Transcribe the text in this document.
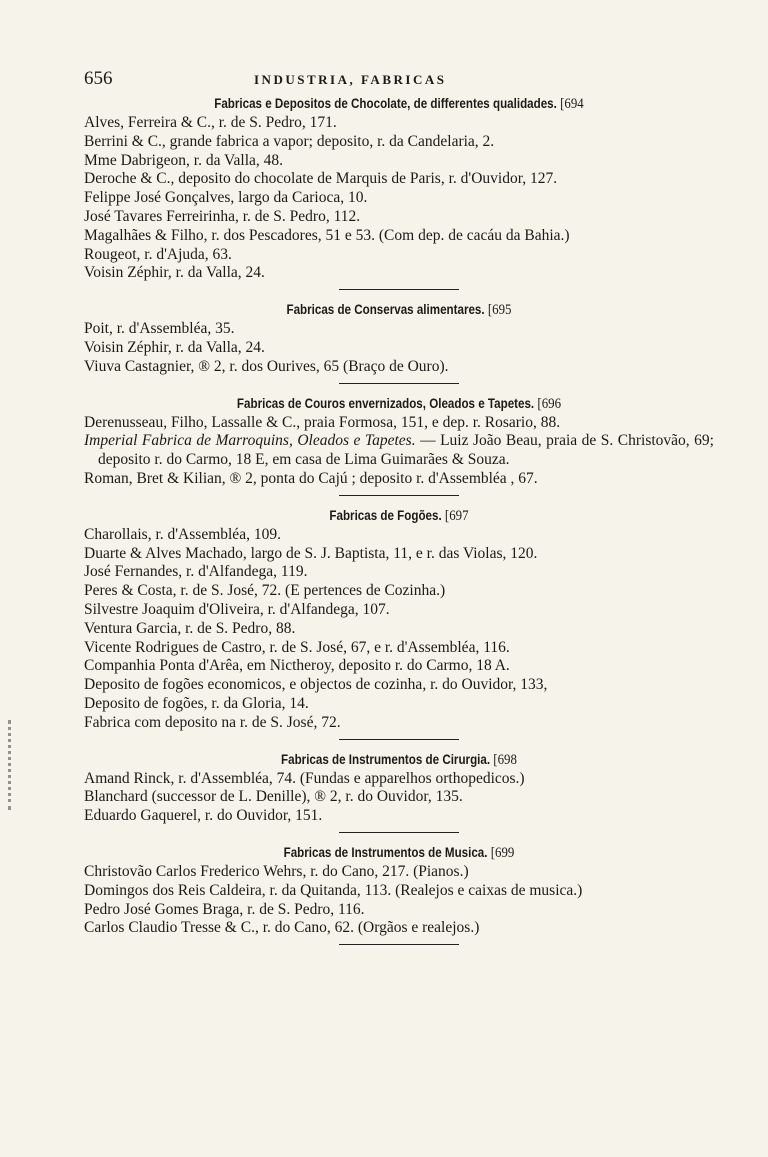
656	INDUSTRIA, FABRICAS
Fabricas e Depositos de Chocolate, de differentes qualidades. [694
Alves, Ferreira & C., r. de S. Pedro, 171.
Berrini & C., grande fabrica a vapor; deposito, r. da Candelaria, 2.
Mme Dabrigeon, r. da Valla, 48.
Deroche & C., deposito do chocolate de Marquis de Paris, r. d'Ouvidor, 127.
Felippe José Gonçalves, largo da Carioca, 10.
José Tavares Ferreirinha, r. de S. Pedro, 112.
Magalhães & Filho, r. dos Pescadores, 51 e 53. (Com dep. de cacáu da Bahia.)
Rougeot, r. d'Ajuda, 63.
Voisin Zéphir, r. da Valla, 24.
Fabricas de Conservas alimentares. [695
Poit, r. d'Assembléa, 35.
Voisin Zéphir, r. da Valla, 24.
Viuva Castagnier, ® 2, r. dos Ourives, 65 (Braço de Ouro).
Fabricas de Couros envernizados, Oleados e Tapetes. [696
Derenusseau, Filho, Lassalle & C., praia Formosa, 151, e dep. r. Rosario, 88.
Imperial Fabrica de Marroquins, Oleados e Tapetes. — Luiz João Beau, praia de S. Christovão, 69; deposito r. do Carmo, 18 E, em casa de Lima Guimarães & Souza.
Roman, Bret & Kilian, ® 2, ponta do Cajú ; deposito r. d'Assembléa , 67.
Fabricas de Fogões. [697
Charollais, r. d'Assembléa, 109.
Duarte & Alves Machado, largo de S. J. Baptista, 11, e r. das Violas, 120.
José Fernandes, r. d'Alfandega, 119.
Peres & Costa, r. de S. José, 72. (E pertences de Cozinha.)
Silvestre Joaquim d'Oliveira, r. d'Alfandega, 107.
Ventura Garcia, r. de S. Pedro, 88.
Vicente Rodrigues de Castro, r. de S. José, 67, e r. d'Assembléa, 116.
Companhia Ponta d'Arêa, em Nictheroy, deposito r. do Carmo, 18 A.
Deposito de fogões economicos, e objectos de cozinha, r. do Ouvidor, 133,
Deposito de fogões, r. da Gloria, 14.
Fabrica com deposito na r. de S. José, 72.
Fabricas de Instrumentos de Cirurgia. [698
Amand Rinck, r. d'Assembléa, 74. (Fundas e apparelhos orthopedicos.)
Blanchard (successor de L. Denille), ® 2, r. do Ouvidor, 135.
Eduardo Gaquerel, r. do Ouvidor, 151.
Fabricas de Instrumentos de Musica. [699
Christovão Carlos Frederico Wehrs, r. do Cano, 217. (Pianos.)
Domingos dos Reis Caldeira, r. da Quitanda, 113. (Realejos e caixas de musica.)
Pedro José Gomes Braga, r. de S. Pedro, 116.
Carlos Claudio Tresse & C., r. do Cano, 62. (Orgãos e realejos.)
